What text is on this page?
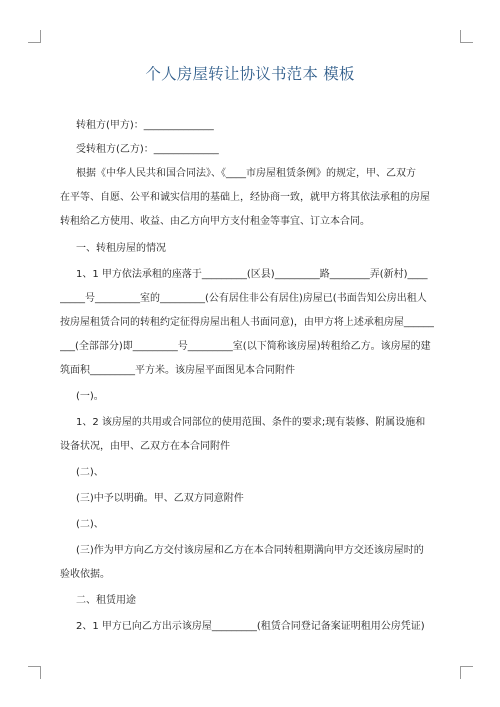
个人房屋转让协议书范本 模板
转租方(甲方)：______________
受转租方(乙方)：_____________
根据《中华人民共和国合同法》、《____市房屋租赁条例》的规定，甲、乙双方
在平等、自愿、公平和诚实信用的基础上，经协商一致，就甲方将其依法承租的房屋
转租给乙方使用、收益、由乙方向甲方支付租金等事宜、订立本合同。
一、转租房屋的情况
1、1 甲方依法承租的座落于_________(区县)_________路________弄(新村)____
_____号_________室的_________(公有居住非公有居住)房屋已(书面告知公房出租人
按房屋租赁合同的转租约定征得房屋出租人书面同意)，由甲方将上述承租房屋______
___(全部部分)即_________号_________室(以下简称该房屋)转租给乙方。该房屋的建
筑面积_________平方米。该房屋平面图见本合同附件
(一)。
1、2 该房屋的共用或合同部位的使用范围、条件的要求;现有装修、附属设施和
设备状况，由甲、乙双方在本合同附件
(二)、
(三)中予以明确。甲、乙双方同意附件
(二)、
(三)作为甲方向乙方交付该房屋和乙方在本合同转租期满向甲方交还该房屋时的
验收依据。
二、租赁用途
2、1 甲方已向乙方出示该房屋_________(租赁合同登记备案证明租用公房凭证)
